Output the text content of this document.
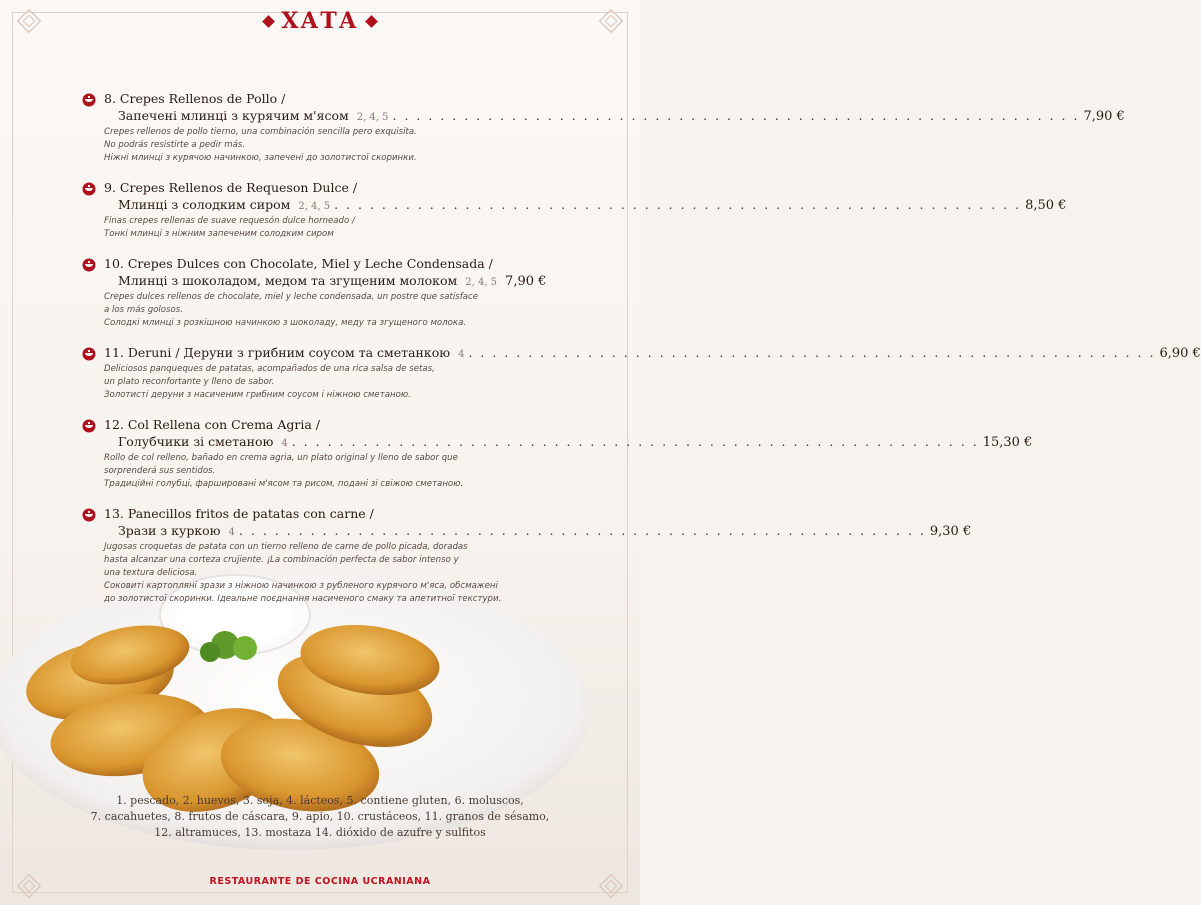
ХАТА
8. Crepes Rellenos de Pollo /
Запечені млинці з курячим м'ясом 2, 4, 5 . . . . . . . . . . . . . . . . . . . . . . . . . . . . . . . . . . . . . . . . . . . . . . . . . . . . . . . . . . 7,90 €

Crepes rellenos de pollo tierno, una combinación sencilla pero exquisita.

No podrás resistirte a pedir más.

Ніжні млинці з курячою начинкою, запечені до золотистої скоринки.

9. Crepes Rellenos de Requeson Dulce /
Млинці з солодким сиром 2, 4, 5 . . . . . . . . . . . . . . . . . . . . . . . . . . . . . . . . . . . . . . . . . . . . . . . . . . . . . . . . . . 8,50 €

Finas crepes rellenas de suave requesón dulce horneado /

Тонкі млинці з ніжним запеченим солодким сиром

10. Crepes Dulces con Chocolate, Miel y Leche Condensada /
Млинці з шоколадом, медом та згущеним молоком 2, 4, 5 7,90 €

Crepes dulces rellenos de chocolate, miel y leche condensada, un postre que satisface

a los más golosos.

Солодкі млинці з розкішною начинкою з шоколаду, меду та згущеного молока.

11. Deruni / Деруни з грибним соусом та сметанкою 4 . . . . . . . . . . . . . . . . . . . . . . . . . . . . . . . . . . . . . . . . . . . . . . . . . . . . . . . . . . 6,90 €

Deliciosos panqueques de patatas, acompañados de una rica salsa de setas,

un plato reconfortante y lleno de sabor.

Золотисті деруни з насиченим грибним соусом і ніжною сметаною.

12. Col Rellena con Crema Agria /
Голубчики зі сметаною 4 . . . . . . . . . . . . . . . . . . . . . . . . . . . . . . . . . . . . . . . . . . . . . . . . . . . . . . . . . . 15,30 €

Rollo de col relleno, bañado en crema agria, un plato original y lleno de sabor que

sorprenderá sus sentidos.

Традиційні голубці, фаршировані м'ясом та рисом, подані зі свіжою сметаною.

13. Panecillos fritos de patatas con carne /
Зрази з куркою 4 . . . . . . . . . . . . . . . . . . . . . . . . . . . . . . . . . . . . . . . . . . . . . . . . . . . . . . . . . . 9,30 €

Jugosas croquetas de patata con un tierno relleno de carne de pollo picada, doradas

hasta alcanzar una corteza crujiente. ¡La combinación perfecta de sabor intenso y

una textura deliciosa.

Соковиті картопляні зрази з ніжною начинкою з рубленого курячого м'яса, обсмажені

до золотистої скоринки. Ідеальне поєднання насиченого смаку та апетитної текстури.

1. pescado, 2. huevos, 3. soja, 4. lácteos, 5. contiene gluten, 6. moluscos,

7. cacahuetes, 8. frutos de cáscara, 9. apio, 10. crustáceos, 11. granos de sésamo,

12. altramuces, 13. mostaza 14. dióxido de azufre y sulfitos

RESTAURANTE DE COCINA UCRANIANA
